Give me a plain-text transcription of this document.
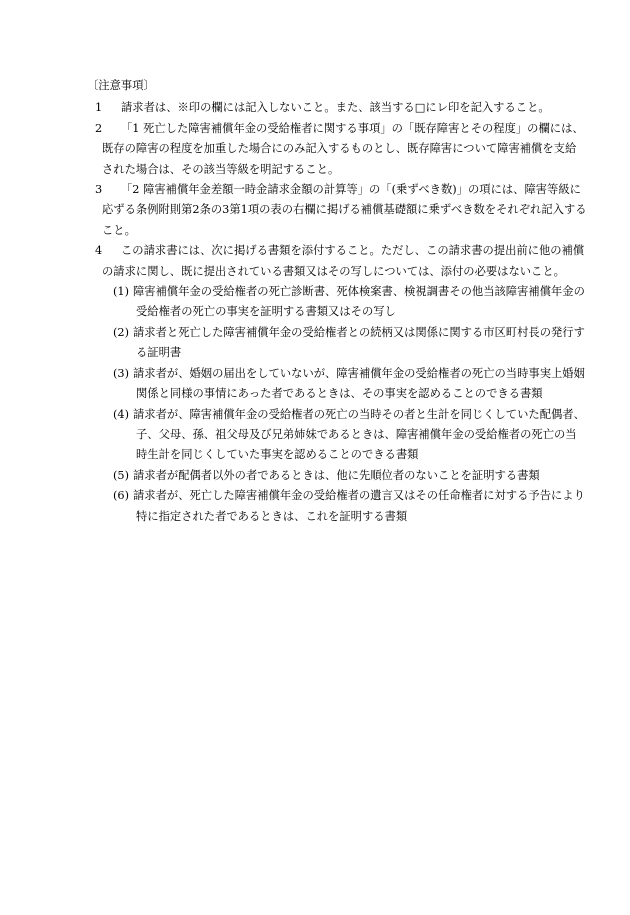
〔注意事項〕

1	請求者は、※印の欄には記入しないこと。また、該当する□にレ印を記入すること。

2	「1 死亡した障害補償年金の受給権者に関する事項」の「既存障害とその程度」の欄には、既存の障害の程度を加重した場合にのみ記入するものとし、既存障害について障害補償を支給された場合は、その該当等級を明記すること。

3	「2 障害補償年金差額一時金請求金額の計算等」の「(乗ずべき数)」の項には、障害等級に応ずる条例附則第2条の3第1項の表の右欄に掲げる補償基礎額に乗ずべき数をそれぞれ記入すること。

4	この請求書には、次に掲げる書類を添付すること。ただし、この請求書の提出前に他の補償の請求に関し、既に提出されている書類又はその写しについては、添付の必要はないこと。

(1) 障害補償年金の受給権者の死亡診断書、死体検案書、検視調書その他当該障害補償年金の受給権者の死亡の事実を証明する書類又はその写し

(2) 請求者と死亡した障害補償年金の受給権者との続柄又は関係に関する市区町村長の発行する証明書

(3) 請求者が、婚姻の届出をしていないが、障害補償年金の受給権者の死亡の当時事実上婚姻関係と同様の事情にあった者であるときは、その事実を認めることのできる書類

(4) 請求者が、障害補償年金の受給権者の死亡の当時その者と生計を同じくしていた配偶者、子、父母、孫、祖父母及び兄弟姉妹であるときは、障害補償年金の受給権者の死亡の当時生計を同じくしていた事実を認めることのできる書類

(5) 請求者が配偶者以外の者であるときは、他に先順位者のないことを証明する書類

(6) 請求者が、死亡した障害補償年金の受給権者の遺言又はその任命権者に対する予告により特に指定された者であるときは、これを証明する書類
